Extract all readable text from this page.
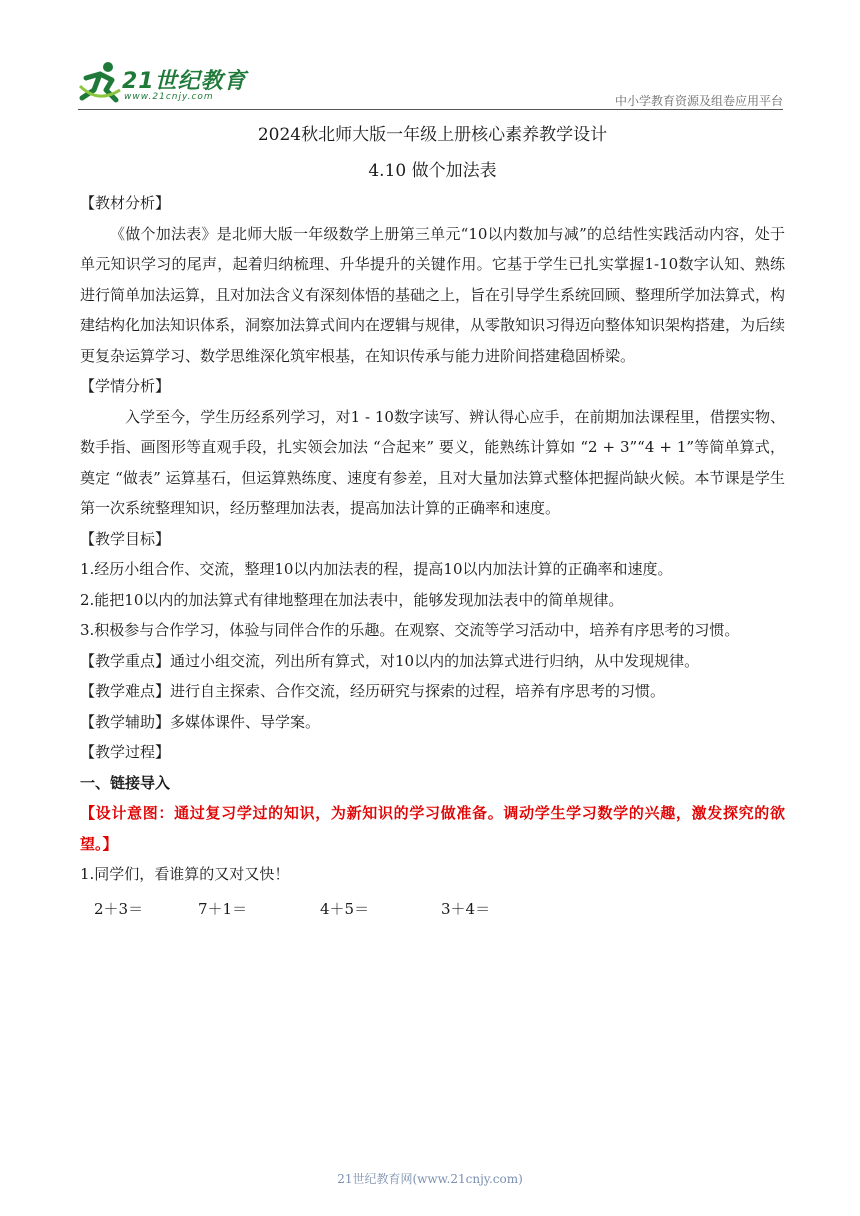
21世纪教育
www.21cnjy.com	中小学教育资源及组卷应用平台

2024秋北师大版一年级上册核心素养教学设计

4.10 做个加法表

【教材分析】

《做个加法表》是北师大版一年级数学上册第三单元“10以内数加与减”的总结性实践活动内容，处于单元知识学习的尾声，起着归纳梳理、升华提升的关键作用。它基于学生已扎实掌握1-10数字认知、熟练进行简单加法运算，且对加法含义有深刻体悟的基础之上，旨在引导学生系统回顾、整理所学加法算式，构建结构化加法知识体系，洞察加法算式间内在逻辑与规律，从零散知识习得迈向整体知识架构搭建，为后续更复杂运算学习、数学思维深化筑牢根基，在知识传承与能力进阶间搭建稳固桥梁。

【学情分析】

入学至今，学生历经系列学习，对1 - 10数字读写、辨认得心应手，在前期加法课程里，借摆实物、数手指、画图形等直观手段，扎实领会加法 “合起来” 要义，能熟练计算如 “2 + 3”“4 + 1”等简单算式，奠定 “做表” 运算基石，但运算熟练度、速度有参差，且对大量加法算式整体把握尚缺火候。本节课是学生第一次系统整理知识，经历整理加法表，提高加法计算的正确率和速度。

【教学目标】

1.经历小组合作、交流，整理10以内加法表的程，提高10以内加法计算的正确率和速度。

2.能把10以内的加法算式有律地整理在加法表中，能够发现加法表中的简单规律。

3.积极参与合作学习，体验与同伴合作的乐趣。在观察、交流等学习活动中，培养有序思考的习惯。

【教学重点】通过小组交流，列出所有算式，对10以内的加法算式进行归纳，从中发现规律。

【教学难点】进行自主探索、合作交流，经历研究与探索的过程，培养有序思考的习惯。

【教学辅助】多媒体课件、导学案。

【教学过程】

一、链接导入

【设计意图：通过复习学过的知识，为新知识的学习做准备。调动学生学习数学的兴趣，激发探究的欲望。】

1.同学们，看谁算的又对又快！

2＋3＝	7＋1＝	4＋5＝	3＋4＝
21世纪教育网(www.21cnjy.com)
